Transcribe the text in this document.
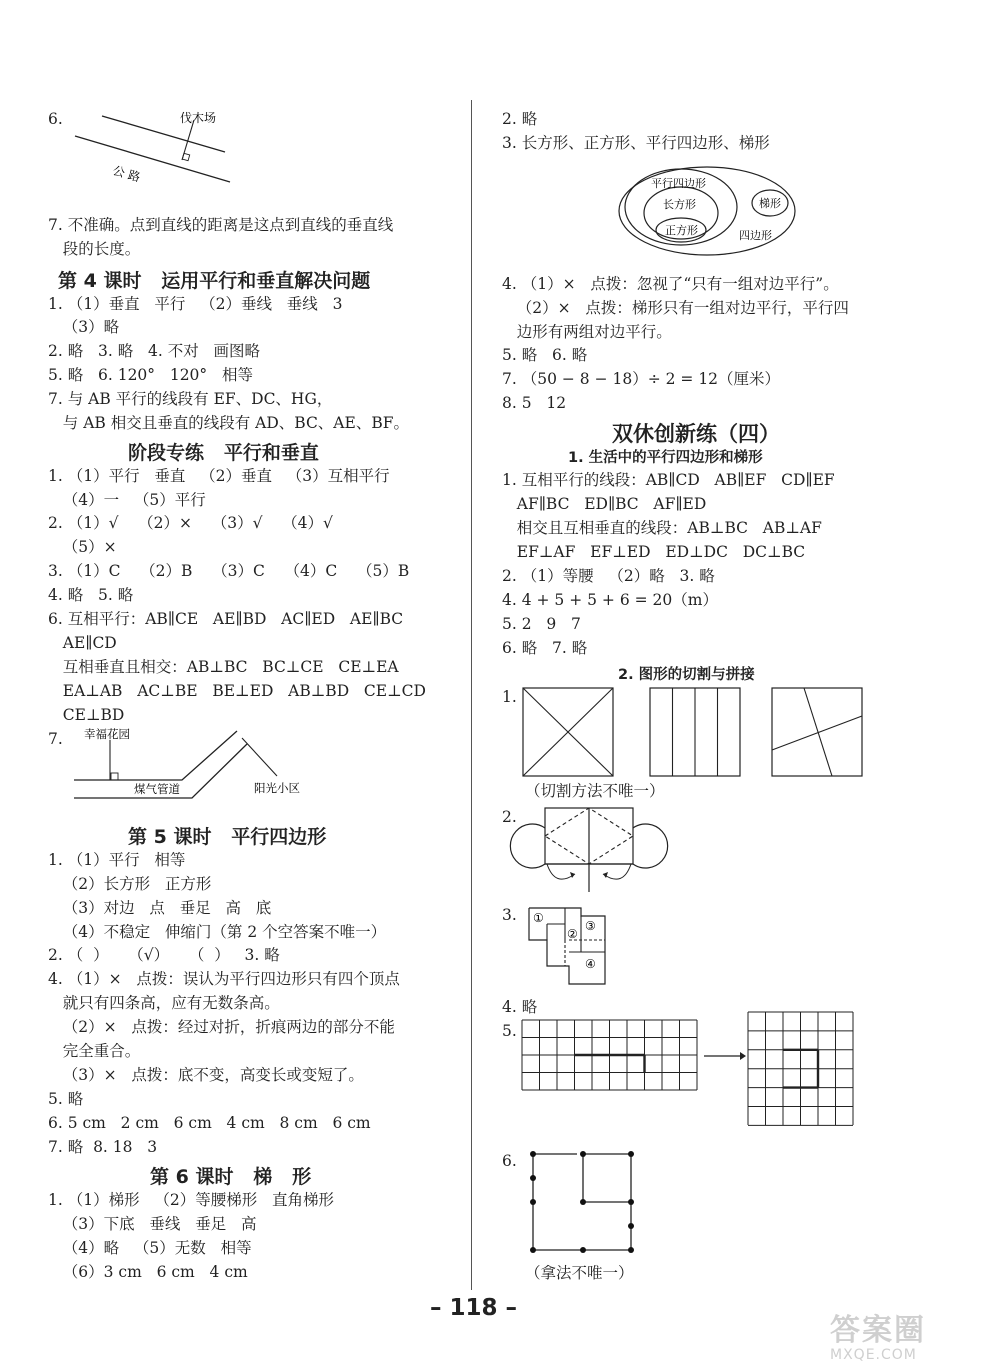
6.	伐木场
公 路
7. 不准确。点到直线的距离是这点到直线的垂直线
段的长度。
第 4 课时   运用平行和垂直解决问题
1. （1）垂直   平行   （2）垂线   垂线   3
（3）略
2. 略   3. 略   4. 不对   画图略
5. 略   6. 120°   120°   相等
7. 与 AB 平行的线段有 EF、DC、HG，
与 AB 相交且垂直的线段有 AD、BC、AE、BF。
阶段专练   平行和垂直
1. （1）平行   垂直   （2）垂直   （3）互相平行
（4）一   （5）平行
2. （1）√    （2）×    （3）√    （4）√
（5）×
3. （1）C    （2）B    （3）C    （4）C    （5）B
4. 略   5. 略
6. 互相平行：AB∥CE   AE∥BD   AC∥ED   AE∥BC
AE∥CD
互相垂直且相交：AB⊥BC   BC⊥CE   CE⊥EA
EA⊥AB   AC⊥BE   BE⊥ED   AB⊥BD   CE⊥CD
CE⊥BD
7. 幸福花园
煤气管道	阳光小区
第 5 课时   平行四边形
1. （1）平行   相等
（2）长方形   正方形
（3）对边   点   垂足   高   底
（4）不稳定   伸缩门（第 2 个空答案不唯一）
2. （  ）    （√）    （  ）   3. 略
4. （1）×   点拨：误认为平行四边形只有四个顶点
就只有四条高，应有无数条高。
（2）×   点拨：经过对折，折痕两边的部分不能
完全重合。
（3）×   点拨：底不变，高变长或变短了。
5. 略
6. 5 cm   2 cm   6 cm   4 cm   8 cm   6 cm
7. 略  8. 18   3
第 6 课时   梯   形
1. （1）梯形   （2）等腰梯形   直角梯形
（3）下底   垂线   垂足   高
（4）略   （5）无数   相等
（6）3 cm   6 cm   4 cm
2. 略
3. 长方形、正方形、平行四边形、梯形
平行四边形
长方形
正方形
梯形
四边形
4. （1）×   点拨：忽视了“只有一组对边平行”。
（2）×   点拨：梯形只有一组对边平行，平行四
边形有两组对边平行。
5. 略   6. 略
7. （50 − 8 − 18）÷ 2 = 12（厘米）
8. 5   12
双休创新练（四）
1. 生活中的平行四边形和梯形
1. 互相平行的线段：AB∥CD   AB∥EF   CD∥EF
AF∥BC   ED∥BC   AF∥ED
相交且互相垂直的线段：AB⊥BC   AB⊥AF
EF⊥AF   EF⊥ED   ED⊥DC   DC⊥BC
2. （1）等腰   （2）略   3. 略
4. 4 + 5 + 5 + 6 = 20（m）
5. 2   9   7
6. 略   7. 略
2. 图形的切割与拼接
1.
（切割方法不唯一）
2.
3. ①
③
②
④
4. 略
5.
6.
（拿法不唯一）
– 118 –
答案圈
MXQE.COM
